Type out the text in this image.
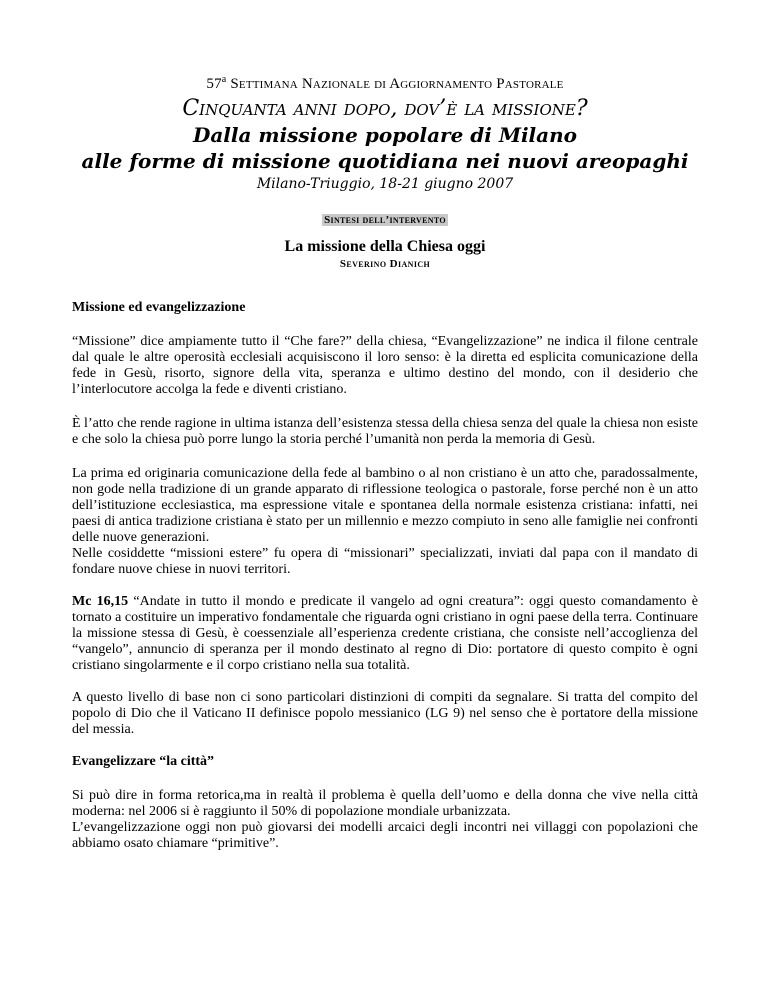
57$^a$ Settimana Nazionale di Aggiornamento Pastorale
Cinquanta anni dopo, dov’è la missione?
Dalla missione popolare di Milano
alle forme di missione quotidiana nei nuovi areopaghi
Milano-Triuggio, 18-21 giugno 2007
Sintesi dell’intervento
La missione della Chiesa oggi
Severino Dianich
Missione ed evangelizzazione
“Missione” dice ampiamente tutto il “Che fare?” della chiesa, “Evangelizzazione” ne indica il filone centrale dal quale le altre operosità ecclesiali acquisiscono il loro senso: è la diretta ed esplicita comunicazione della fede in Gesù, risorto, signore della vita, speranza e ultimo destino del mondo, con il desiderio che l’interlocutore accolga la fede e diventi cristiano.
È l’atto che rende ragione in ultima istanza dell’esistenza stessa della chiesa senza del quale la chiesa non esiste e che solo la chiesa può porre lungo la storia perché l’umanità non perda la memoria di Gesù.
La prima ed originaria comunicazione della fede al bambino o al non cristiano è un atto che, paradossalmente, non gode nella tradizione di un grande apparato di riflessione teologica o pastorale, forse perché non è un atto dell’istituzione ecclesiastica, ma espressione vitale e spontanea della normale esistenza cristiana: infatti, nei paesi di antica tradizione cristiana è stato per un millennio e mezzo compiuto in seno alle famiglie nei confronti delle nuove generazioni.
Nelle cosiddette “missioni estere” fu opera di “missionari” specializzati, inviati dal papa con il mandato di fondare nuove chiese in nuovi territori.
Mc 16,15 “Andate in tutto il mondo e predicate il vangelo ad ogni creatura”: oggi questo comandamento è tornato a costituire un imperativo fondamentale che riguarda ogni cristiano in ogni paese della terra. Continuare la missione stessa di Gesù, è coessenziale all’esperienza credente cristiana, che consiste nell’accoglienza del “vangelo”, annuncio di speranza per il mondo destinato al regno di Dio: portatore di questo compito è ogni cristiano singolarmente e il corpo cristiano nella sua totalità.
A questo livello di base non ci sono particolari distinzioni di compiti da segnalare. Si tratta del compito del popolo di Dio che il Vaticano II definisce popolo messianico (LG 9) nel senso che è portatore della missione del messia.
Evangelizzare “la città”
Si può dire in forma retorica,ma in realtà il problema è quella dell’uomo e della donna che vive nella città moderna: nel 2006 si è raggiunto il 50% di popolazione mondiale urbanizzata.
L’evangelizzazione oggi non può giovarsi dei modelli arcaici degli incontri nei villaggi con popolazioni che abbiamo osato chiamare “primitive”.
